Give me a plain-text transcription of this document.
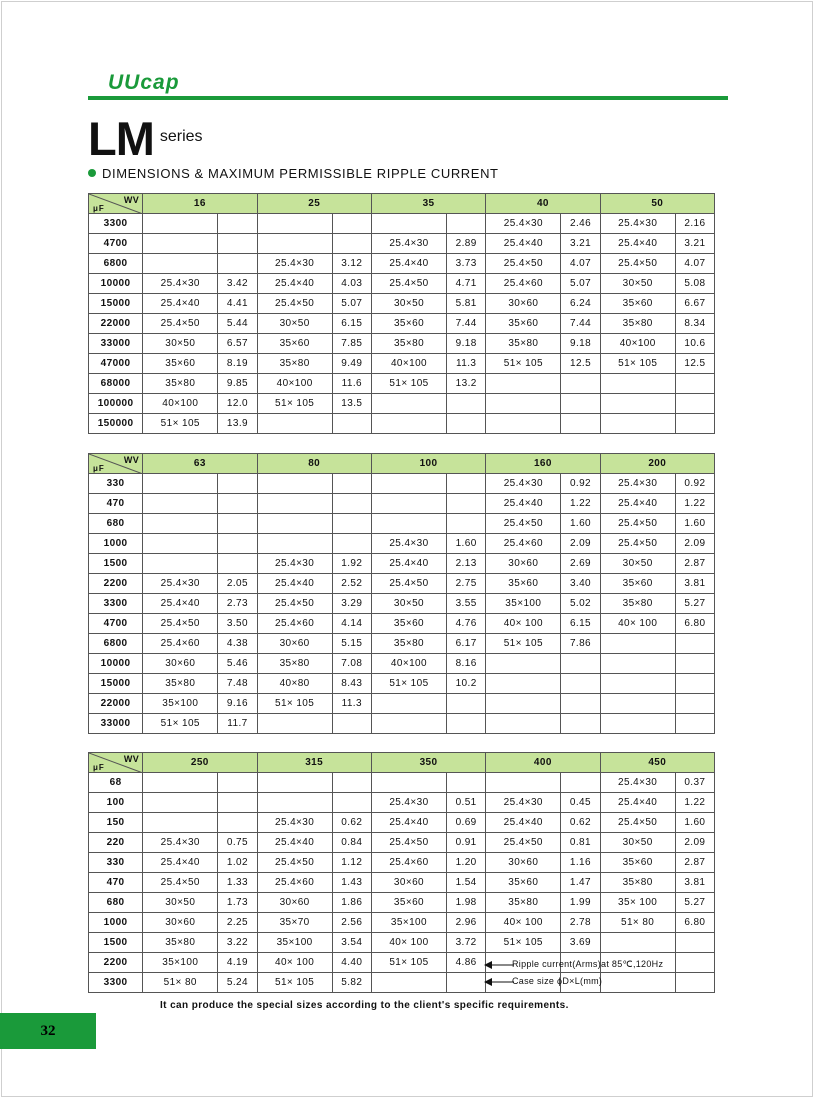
UUcap
LM series
DIMENSIONS & MAXIMUM PERMISSIBLE RIPPLE CURRENT
WV
μF	16		25		35		40		50	
3300							25.4×30	2.46	25.4×30	2.16
4700					25.4×30	2.89	25.4×40	3.21	25.4×40	3.21
6800			25.4×30	3.12	25.4×40	3.73	25.4×50	4.07	25.4×50	4.07
10000	25.4×30	3.42	25.4×40	4.03	25.4×50	4.71	25.4×60	5.07	30×50	5.08
15000	25.4×40	4.41	25.4×50	5.07	30×50	5.81	30×60	6.24	35×60	6.67
22000	25.4×50	5.44	30×50	6.15	35×60	7.44	35×60	7.44	35×80	8.34
33000	30×50	6.57	35×60	7.85	35×80	9.18	35×80	9.18	40×100	10.6
47000	35×60	8.19	35×80	9.49	40×100	11.3	51× 105	12.5	51× 105	12.5
68000	35×80	9.85	40×100	11.6	51× 105	13.2				
100000	40×100	12.0	51× 105	13.5						
150000	51× 105	13.9								
WV
μF	63		80		100		160		200	
330							25.4×30	0.92	25.4×30	0.92
470							25.4×40	1.22	25.4×40	1.22
680							25.4×50	1.60	25.4×50	1.60
1000					25.4×30	1.60	25.4×60	2.09	25.4×50	2.09
1500			25.4×30	1.92	25.4×40	2.13	30×60	2.69	30×50	2.87
2200	25.4×30	2.05	25.4×40	2.52	25.4×50	2.75	35×60	3.40	35×60	3.81
3300	25.4×40	2.73	25.4×50	3.29	30×50	3.55	35×100	5.02	35×80	5.27
4700	25.4×50	3.50	25.4×60	4.14	35×60	4.76	40× 100	6.15	40× 100	6.80
6800	25.4×60	4.38	30×60	5.15	35×80	6.17	51× 105	7.86		
10000	30×60	5.46	35×80	7.08	40×100	8.16				
15000	35×80	7.48	40×80	8.43	51× 105	10.2				
22000	35×100	9.16	51× 105	11.3						
33000	51× 105	11.7								
WV
μF	250		315		350		400		450	
68									25.4×30	0.37
100					25.4×30	0.51	25.4×30	0.45	25.4×40	1.22
150			25.4×30	0.62	25.4×40	0.69	25.4×40	0.62	25.4×50	1.60
220	25.4×30	0.75	25.4×40	0.84	25.4×50	0.91	25.4×50	0.81	30×50	2.09
330	25.4×40	1.02	25.4×50	1.12	25.4×60	1.20	30×60	1.16	35×60	2.87
470	25.4×50	1.33	25.4×60	1.43	30×60	1.54	35×60	1.47	35×80	3.81
680	30×50	1.73	30×60	1.86	35×60	1.98	35×80	1.99	35× 100	5.27
1000	30×60	2.25	35×70	2.56	35×100	2.96	40× 100	2.78	51× 80	6.80
1500	35×80	3.22	35×100	3.54	40× 100	3.72	51× 105	3.69		
2200	35×100	4.19	40× 100	4.40	51× 105	4.86				
3300	51× 80	5.24	51× 105	5.82						
Ripple current(Arms)at 85℃,120Hz
Case size ϕD×L(mm)
It can produce the special sizes according to the client's specific requirements.
32
